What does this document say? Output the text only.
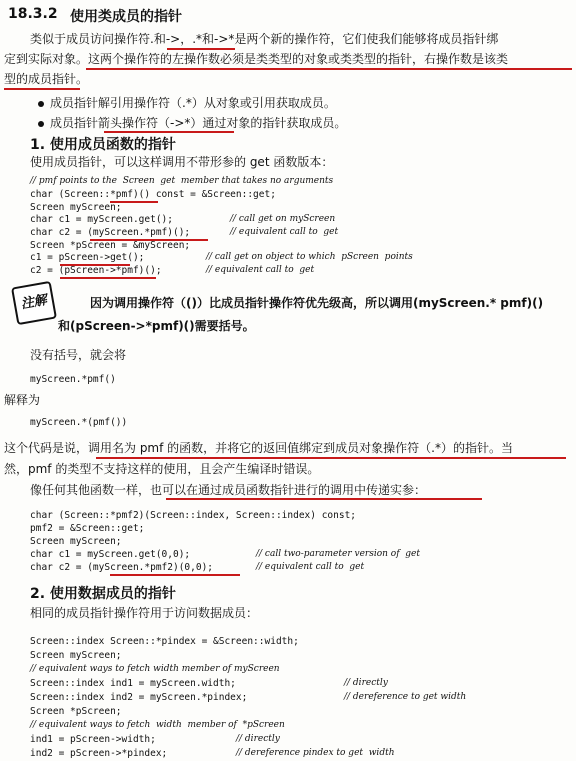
18.3.2 使用类成员的指针
类似于成员访问操作符.和->，.*和->*是两个新的操作符，它们使我们能够将成员指针绑
定到实际对象。这两个操作符的左操作数必须是类类型的对象或类类型的指针，右操作数是该类
型的成员指针。
成员指针解引用操作符（.*）从对象或引用获取成员。
成员指针箭头操作符（->*）通过对象的指针获取成员。
1. 使用成员函数的指针
使用成员指针，可以这样调用不带形参的 get 函数版本：
// pmf points to the  Screen  get  member that takes no arguments
char (Screen::*pmf)() const = &Screen::get;
Screen myScreen;
char c1 = myScreen.get();	// call get on myScreen
char c2 = (myScreen.*pmf)();	// equivalent call to  get
Screen *pScreen = &myScreen;
c1 = pScreen->get();	// call get on object to which  pScreen  points
c2 = (pScreen->*pmf)();	// equivalent call to  get
注解	因为调用操作符（()）比成员指针操作符优先级高，所以调用(myScreen.* pmf)()
和(pScreen->*pmf)()需要括号。
没有括号，就会将
myScreen.*pmf()
解释为
myScreen.*(pmf())
这个代码是说，调用名为 pmf 的函数，并将它的返回值绑定到成员对象操作符（.*）的指针。当
然，pmf 的类型不支持这样的使用，且会产生编译时错误。
像任何其他函数一样，也可以在通过成员函数指针进行的调用中传递实参：
char (Screen::*pmf2)(Screen::index, Screen::index) const;
pmf2 = &Screen::get;
Screen myScreen;
char c1 = myScreen.get(0,0);	// call two-parameter version of  get
char c2 = (myScreen.*pmf2)(0,0);	// equivalent call to  get
2. 使用数据成员的指针
相同的成员指针操作符用于访问数据成员：
Screen::index Screen::*pindex = &Screen::width;
Screen myScreen;
// equivalent ways to fetch width member of myScreen
Screen::index ind1 = myScreen.width;	// directly
Screen::index ind2 = myScreen.*pindex;	// dereference to get width
Screen *pScreen;
// equivalent ways to fetch  width  member of  *pScreen
ind1 = pScreen->width;	// directly
ind2 = pScreen->*pindex;	// dereference pindex to get  width
